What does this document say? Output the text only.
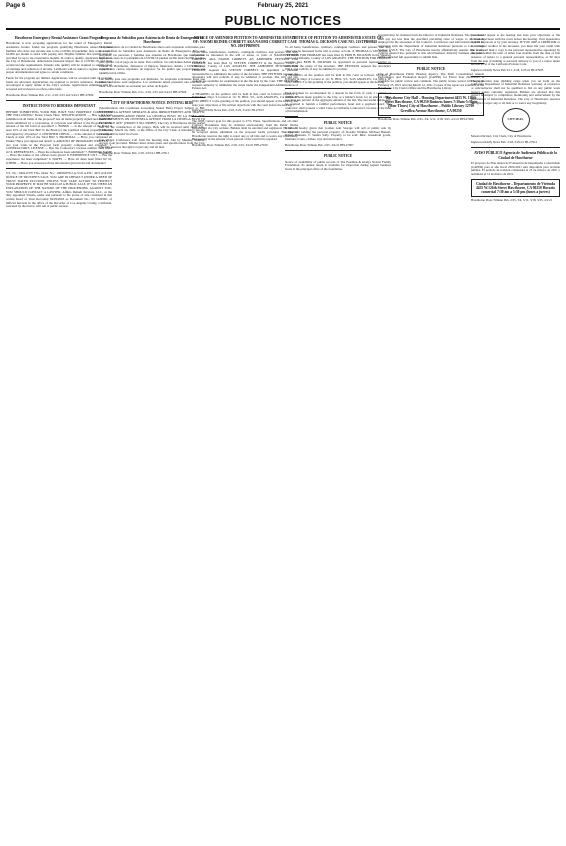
Page 6	February 25, 2021
PUBLIC NOTICES
Hawthorne Emergency Rental Assistance Grant Program

Hawthorne is now accepting applications for the round of Emergency Rental Assistance Grants. Under the program, qualifying Hawthorne renters and their families who have lost income due to the COVID-19 pandemic may receive up to $2,000 per month to assist with paying rent. Eligible families that qualify may be provided for up to six consecutive months. In order to qualify, applicants must be in the City of Hawthorne, demonstrate financial impact due to COVID-19, and meet certain income requirements. Tenants who qualify will be required to submit proof of earnings and reduction of income. Landlords will be asked to register to provide proper documentation and agree to certain conditions.

Funds for the program are limited. Applications will be accepted until all program funds are allocated. Applications are required to receive assistance. Residents are encouraged to apply online at the City's website. Applications submitted will be accepted and reviewed on a first-come basis.

Hawthorne Press Tribune Pub. 2/11, 2/18, 2/25 and 3/4/21 HH-27909

INSTRUCTIONS TO BIDDERS IMPORTANT

BEFORE SUBMITTING YOUR BID, HAVE YOU PROPERLY COMPLETED THE FOLLOWING? Please Check Here: SPECIFICATIONS — Has a bid been submitted on all items of the proposal? Are all items properly signed and dated? Bid bonds submitted by a corporation, is corporate seal affixed to the Proposal? Is the amount of the bid bond as specified? 1. BONDS — Is the amount of the Bond at least 10% of the Total Bid? Is the Bond (or the Certified Check) properly filled in and signed by all parties? 2. CERTIFIED CHECK — Is the amount of the Certified Check at least 10% of the Total Bid? 3. PROPOSAL — Have you completed all blanks? Have you signed and dated? 4. AMOUNT OF PROGRAMS WRITTEN — Are your totals in the Proposal form properly computed and extended? 5. CONTRACTOR'S LICENSE — Has the Contractor's License number been filled in? 6. REFERENCES — Have the references been submitted? 7. BIDDERS NAME — Have the names of the officers been given? 8. EXPERIENCE LIST — Has the experience list been completed? 9. DATES — Have all dates been filled in? 10. OTHER — Have you reviewed all the information given in the bid documents?

T.S. No.: 9462-0378 TSG Order No.: 190950076-CA-VOI A.P.N.: 4071-016-018 NOTICE OF TRUSTEE'S SALE. YOU ARE IN DEFAULT UNDER A DEED OF TRUST DATED 04/15/2003. UNLESS YOU TAKE ACTION TO PROTECT YOUR PROPERTY, IT MAY BE SOLD AT A PUBLIC SALE. IF YOU NEED AN EXPLANATION OF THE NATURE OF THE PROCEEDING AGAINST YOU, YOU SHOULD CONTACT A LAWYER. Affinia Default Services, LLC, as the duly appointed Trustee, under and pursuant to the power of sale contained in that certain Deed of Trust Recorded 04/29/2003 as Document No.: 03 1220395, of Official Records in the office of the Recorder of Los Angeles County, California, executed by the trustor, will sell at public auction.

Programa de Subsidios para Asistencia de Renta de Emergencia en Hawthorne

El Ayuntamiento de la Ciudad de Hawthorne ahora está aceptando solicitudes para la ronda final de Subsidios para Asistencia de Renta de Emergencia. Bajo este programa, las personas y familias que alquilan en Hawthorne que han perdido ingresos a causa de la pandemia de COVID-19 pueden recibir hasta $2,000 por mes para ayudar con el pago de su renta. Para calificar, los solicitantes deben vivir en la Ciudad de Hawthorne, demostrar el impacto financiero debido a COVID-19, y cumplir con ciertos requisitos de ingresos. Se les pedirá que proporcionen una identificación válida.

Los fondos para este programa son limitados. Se aceptarán solicitudes hasta que todos los fondos sean asignados. Los residentes deben presentar una solicitud en línea. Las solicitudes se revisarán por orden de llegada.

Hawthorne Press Tribune Pub. 2/11, 2/18, 2/25 and 3/4/21 HH-27909

CITY OF HAWTHORNE NOTICE INVITING BIDS

(Specifications and Conditions Governing Sealed Bids) Project Subject to Bid: "CENTINELA AVENUE MEDIANS & ADA IMPROVEMENTS AND TRAFFIC SIGNAL MODIFICATION FROM LA CIENEGA BLVD TO LA BREA AVE; IMPROVEMENTS ON CENTINELA AVENUE FROM LA CIENEGA BLVD TO FLORENCE AVE" (PROJECT NO. 9300B7). The City of Hawthorne invites sealed bids for the construction of the project. Bids will be received until 10:00 a.m., Wednesday, March 24, 2021, at the Office of the City Clerk. A mandatory pre-bid meeting will be held via Zoom.

Join Webex Conference Call from the meeting link. Join by Meeting Number. Access code provided. Bidders must obtain plans and specifications from the City. The City reserves the right to reject any and all bids.

Hawthorne Press Tribune Pub. 2/18, 2/25/21 HH-27911

NOTICE OF AMENDED PETITION TO ADMINISTER ESTATE OF: NAOMI REINER CORBETT AKA NAOMI CORBETT CASE NO. 20STPB09076

To all heirs, beneficiaries, creditors, contingent creditors, and persons who may otherwise be interested in the will or estate, or both, of NAOMI REINER CORBETT AKA NAOMI CORBETT. AN AMENDED PETITION FOR PROBATE has been filed by STEVEN CORBETT in the Superior Court of California, County of LOS ANGELES. THE AMENDED PETITION FOR PROBATE requests that STEVEN CORBETT be appointed as personal representative to administer the estate of the decedent. THE PETITION requests the decedent's will and codicils, if any, be admitted to probate. The will and any codicils are available for examination in the file kept by the court. THE PETITION requests authority to administer the estate under the Independent Administration of Estates Act.

A HEARING on the petition will be held in this court as follows: 03/29/21 at 8:30AM in Dept. 9 located at 111 N. HILL ST., LOS ANGELES, CA 90012. IF YOU OBJECT to the granting of the petition, you should appear at the hearing and state your objections or file written objections with the court before the hearing.

Inglewood Daily News Pub. 2/18, 2/25, 3/4/21 HI-27913

The ONE contact goal for this project is 27%. Plans, Specifications, and all other Contract Documents may be obtained electronically from the Public Works Department via City website. Bidders shall be enrolled and registered. No bid will be accepted unless submitted on the proposal forms provided. The City of Hawthorne reserves the right to reject any or all bids and to waive any informality. Bid security in the amount of ten percent of the total bid is required.

Hawthorne Press Tribune Pub. 2/18, 2/25, 3/4/21 HH-27910

NOTICE OF PETITION TO ADMINISTER ESTATE OF: THOMAS G. DICKSON CASE NO. 21STPB00845

To all heirs, beneficiaries, creditors, contingent creditors, and persons who may otherwise be interested in the will or estate, or both, of THOMAS G. DICKSON. A PETITION FOR PROBATE has been filed by ERIN B. DICKSON in the Superior Court of California, County of LOS ANGELES. THE PETITION FOR PROBATE requests that ERIN B. DICKSON be appointed as personal representative to administer the estate of the decedent. THE PETITION requests the decedent's WILL and codicils, if any, be admitted to probate.

A HEARING on the petition will be held in this court as follows: 03/16/21 at 8:30AM in Dept. 9 located at 111 N. HILL ST., LOS ANGELES, CA 90012. IF YOU OBJECT to the granting of the petition, you should appear at the hearing.

Each bid must be accompanied by a deposit in the form of cash, a cashier's or certified check made payable to the City, or a bidder's bond, for an amount of not less than ten percent of the aggregate amount of the bid. The successful bidder will be required to furnish a faithful performance bond and a payment bond. The contractor shall possess a valid Class A California Contractor's License at the time of bid submission.

PUBLIC NOTICE

Notice is hereby given that Golden Gait Storage will sell at public sale by competitive bidding the personal property of: Rosalie Watkins, Michael Barnett, Robert Hanssen, T. Sandra Sally. Property to be sold: Misc. household goods, furniture, boxes, clothes, toys and electronics.

Hawthorne Press Tribune Pub. 2/25, 3/4/21 HH-27907

PUBLIC NOTICE

Notice of availability of public records of The Freeman & Gladys Nelson Family Foundation. Its annual return is available for inspection during regular business hours at the principal office of the foundation.

program may be obtained from the Director of Industrial Relations. The Contractor shall pay not less than the specified prevailing rates of wages to all workers employed in the execution of the Contract. Contractors and subcontractors shall be registered with the Department of Industrial Relations pursuant to Labor Code Section 1725.5. The City of Hawthorne hereby affirmatively ensures that in any contract entered into pursuant to this advertisement, minority business enterprises will be afforded full opportunity to submit bids.

PUBLIC NOTICE

City of Hawthorne Public Hearing Agency. The Draft Consolidated Annual Performance and Evaluation Report (CAPER) for Fiscal Year 2020-2021 is available for public review and comment. The public review period will begin on February 25, 2021 and end March 12, 2021. Copies of the report are available at the Hawthorne City Clerk's Office and the Hawthorne Library.

Hawthorne City Hall – Housing Department 4455 W. 126th Street Hawthorne, CA 90250 Business hours 7:30am-5:30pm (Mon-Thurs) City of Hawthorne – Public Library 12700 Grevillea Avenue Hawthorne, CA 90250

Hawthorne Press Tribune Pub. 2/25, 3/4, 3/11, 3/18, 3/25, 4/1/21 HH-27906

you should appear at the hearing and state your objections or file written objections with the court before the hearing. Your appearance may be in person or by your attorney. IF YOU ARE A CREDITOR or a contingent creditor of the decedent, you must file your claim with the court and mail a copy to the personal representative appointed by the court within the later of either four months from the date of first issuance of letters to a general personal representative, or 60 days from the date of mailing or personal delivery to you of a notice under section 9052 of the California Probate Code.

Inglewood Daily News Pub 2/11, 2/18, 2/25/21 HI-27905

The application date (bidding range when you set forth on the California Department of Industrial Relations website). A contractor or subcontractor shall not be qualified to bid on any public work project unless currently registered. Bidders are advised that this project is subject to compliance monitoring and enforcement by the Department of Industrial Relations. The City of Hawthorne reserves the right to reject any or all bids or to waive any irregularity.

CITY SEAL

Monica Dicrisci, City Clerk, City of Hawthorne

Inglewood Daily News Pub. 2/18, 2/25/21 HI-27912

AVISO PÚBLICO Agencia de Audiencia Pública de la Ciudad de Hawthorne

El proyecto de Plan Anual de Evaluación de Desempeño Consolidado (CAPER) para el año fiscal 2020-2021 está disponible para revisión pública. El período de revisión comenzará el 25 de febrero de 2021 y terminará el 12 de marzo de 2021.

Ciudad de Hawthorne – Departamento de Vivienda 4455 W.126th Street Hawthorne, CA 90250 Horario comercial 7:30 am a 5:30 pm (lunes a jueves)

Hawthorne Press Tribune Pub. 2/25, 3/4, 3/11, 3/18, 3/25, 4/1/21
